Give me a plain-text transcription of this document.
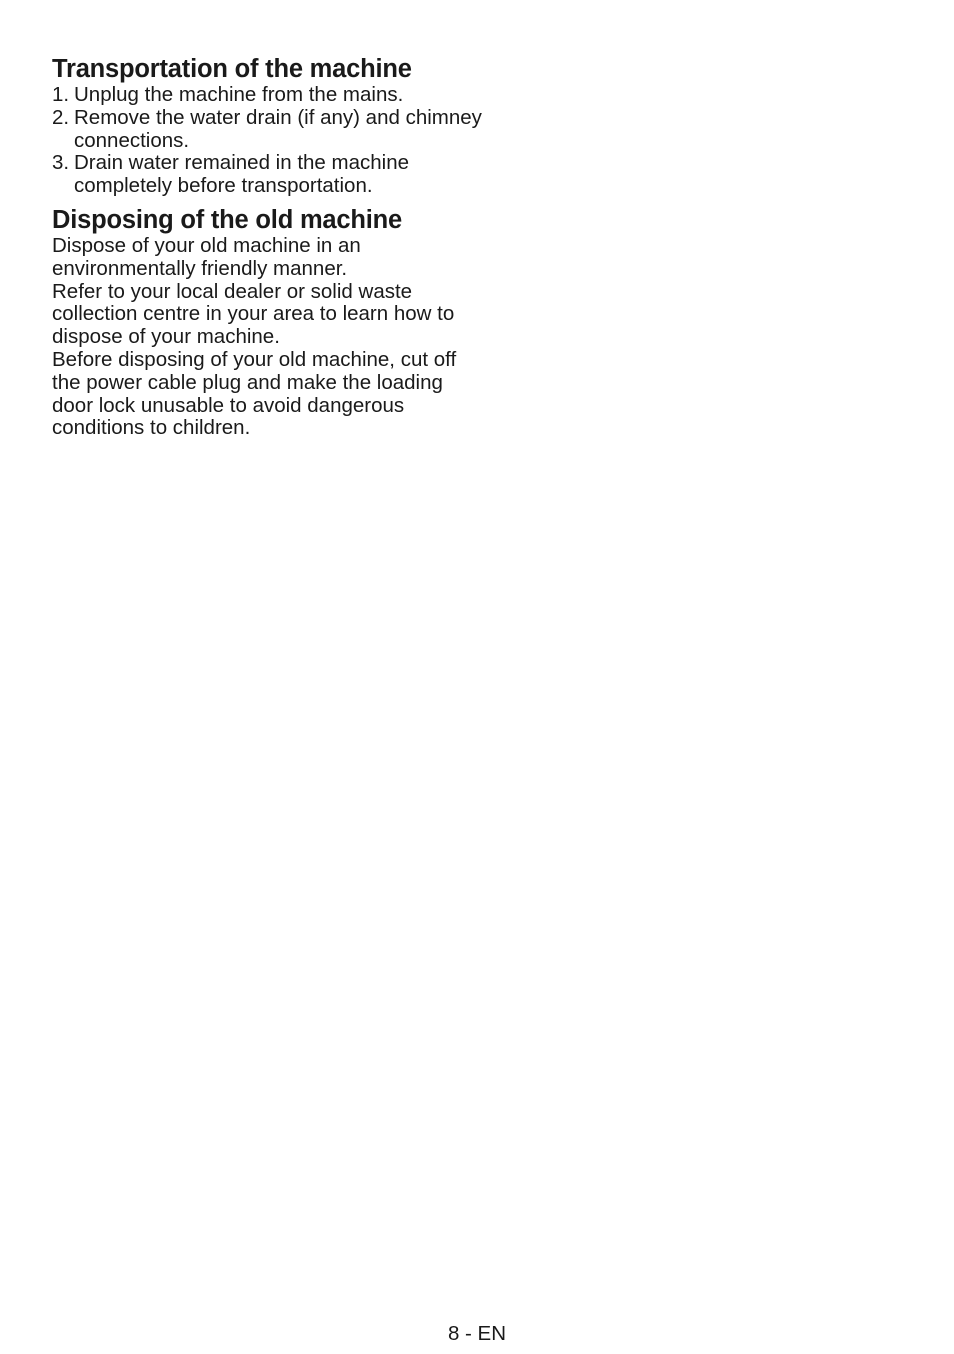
Transportation of the machine
1. Unplug the machine from the mains.
2. Remove the water drain (if any) and chimney connections.
3. Drain water remained in the machine completely before transportation.
Disposing of the old machine

Dispose of your old machine in an environmentally friendly manner.

Refer to your local dealer or solid waste collection centre in your area to learn how to dispose of your machine.

Before disposing of your old machine, cut off the power cable plug and make the loading door lock unusable to avoid dangerous conditions to children.

8 - EN
